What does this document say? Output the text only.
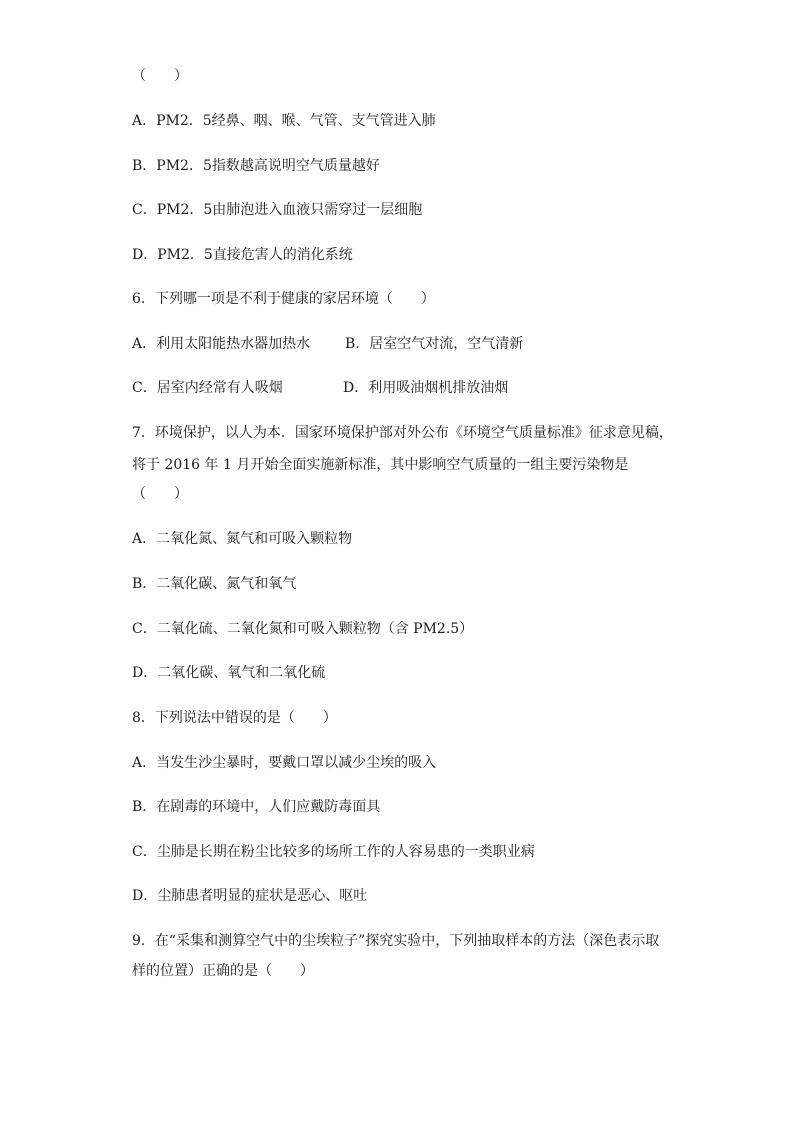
（　　）
A．PM2．5经鼻、咽、喉、气管、支气管进入肺
B．PM2．5指数越高说明空气质量越好
C．PM2．5由肺泡进入血液只需穿过一层细胞
D．PM2．5直接危害人的消化系统
6．下列哪一项是不利于健康的家居环境（　　）
A．利用太阳能热水器加热水 B．居室空气对流，空气清新
C．居室内经常有人吸烟	D．利用吸油烟机排放油烟
7．环境保护，以人为本．国家环境保护部对外公布《环境空气质量标准》征求意见稿，
将于 2016 年 1 月开始全面实施新标准，其中影响空气质量的一组主要污染物是
（　　）
A．二氧化氮、氮气和可吸入颗粒物
B．二氧化碳、氮气和氧气
C．二氧化硫、二氧化氮和可吸入颗粒物（含 PM2.5）
D．二氧化碳、氧气和二氧化硫
8．下列说法中错误的是（　　）
A．当发生沙尘暴时，要戴口罩以减少尘埃的吸入
B．在剧毒的环境中，人们应戴防毒面具
C．尘肺是长期在粉尘比较多的场所工作的人容易患的一类职业病
D．尘肺患者明显的症状是恶心、呕吐
9．在“采集和测算空气中的尘埃粒子”探究实验中，下列抽取样本的方法（深色表示取
样的位置）正确的是（　　）
